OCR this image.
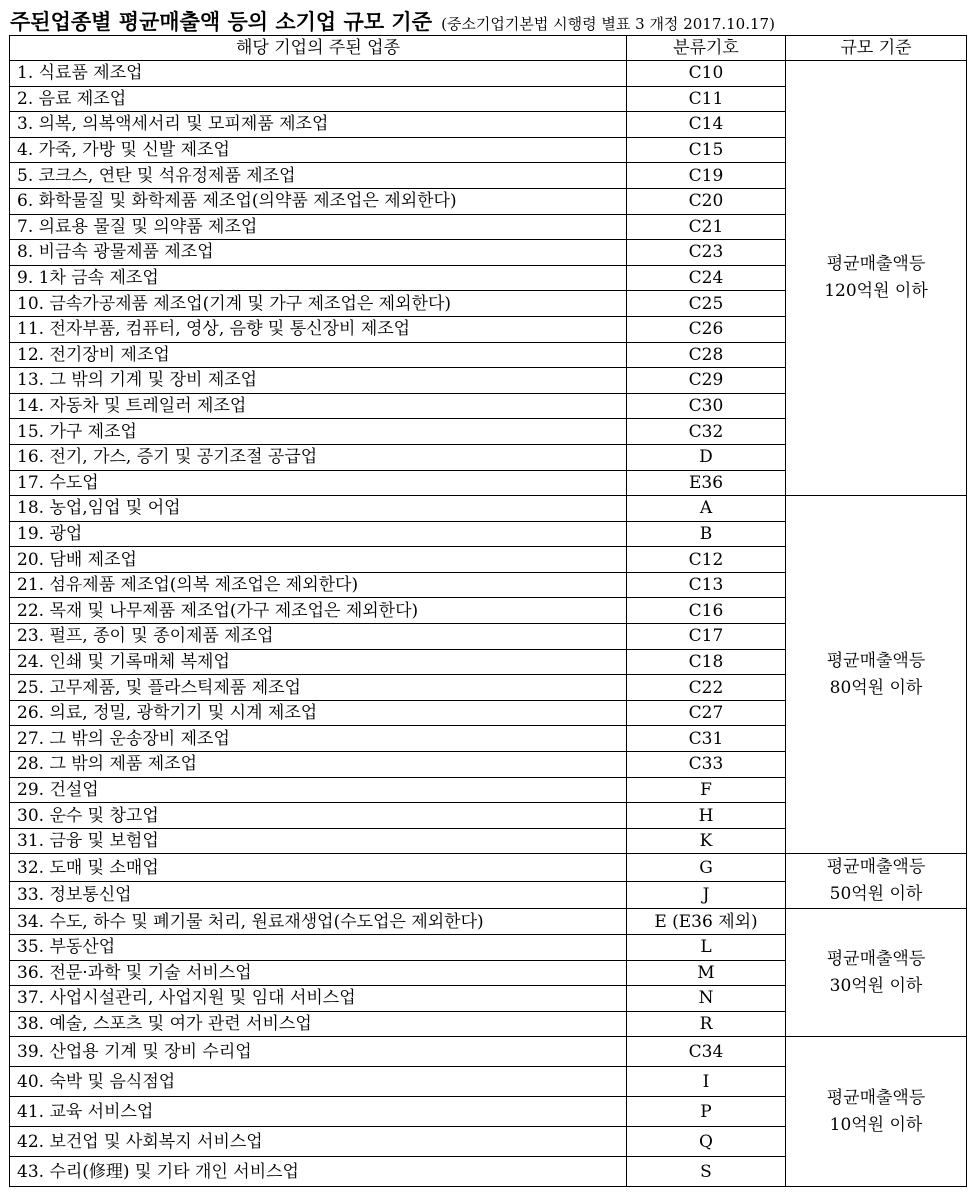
주된업종별 평균매출액 등의 소기업 규모 기준 (중소기업기본법 시행령 별표 3 개정 2017.10.17)
해당 기업의 주된 업종	분류기호	규모 기준
1. 식료품 제조업	C10	평균매출액등
120억원 이하

2. 음료 제조업	C11	
3. 의복, 의복액세서리 및 모피제품 제조업	C14	
4. 가죽, 가방 및 신발 제조업	C15	
5. 코크스, 연탄 및 석유정제품 제조업	C19	
6. 화학물질 및 화학제품 제조업(의약품 제조업은 제외한다)	C20	
7. 의료용 물질 및 의약품 제조업	C21	
8. 비금속 광물제품 제조업	C23	
9. 1차 금속 제조업	C24	
10. 금속가공제품 제조업(기계 및 가구 제조업은 제외한다)	C25	
11. 전자부품, 컴퓨터, 영상, 음향 및 통신장비 제조업	C26	
12. 전기장비 제조업	C28	
13. 그 밖의 기계 및 장비 제조업	C29	
14. 자동차 및 트레일러 제조업	C30	
15. 가구 제조업	C32	
16. 전기, 가스, 증기 및 공기조절 공급업	D	
17. 수도업	E36	
18. 농업,임업 및 어업	A	평균매출액등
80억원 이하

19. 광업	B	
20. 담배 제조업	C12	
21. 섬유제품 제조업(의복 제조업은 제외한다)	C13	
22. 목재 및 나무제품 제조업(가구 제조업은 제외한다)	C16	
23. 펄프, 종이 및 종이제품 제조업	C17	
24. 인쇄 및 기록매체 복제업	C18	
25. 고무제품, 및 플라스틱제품 제조업	C22	
26. 의료, 정밀, 광학기기 및 시계 제조업	C27	
27. 그 밖의 운송장비 제조업	C31	
28. 그 밖의 제품 제조업	C33	
29. 건설업	F	
30. 운수 및 창고업	H	
31. 금융 및 보험업	K	
32. 도매 및 소매업	G	평균매출액등
50억원 이하

33. 정보통신업	J	
34. 수도, 하수 및 폐기물 처리, 원료재생업(수도업은 제외한다)	E (E36 제외)	평균매출액등
30억원 이하

35. 부동산업	L	
36. 전문·과학 및 기술 서비스업	M	
37. 사업시설관리, 사업지원 및 임대 서비스업	N	
38. 예술, 스포츠 및 여가 관련 서비스업	R	
39. 산업용 기계 및 장비 수리업	C34	평균매출액등
10억원 이하

40. 숙박 및 음식점업	I	
41. 교육 서비스업	P	
42. 보건업 및 사회복지 서비스업	Q	
43. 수리(修理) 및 기타 개인 서비스업	S	
